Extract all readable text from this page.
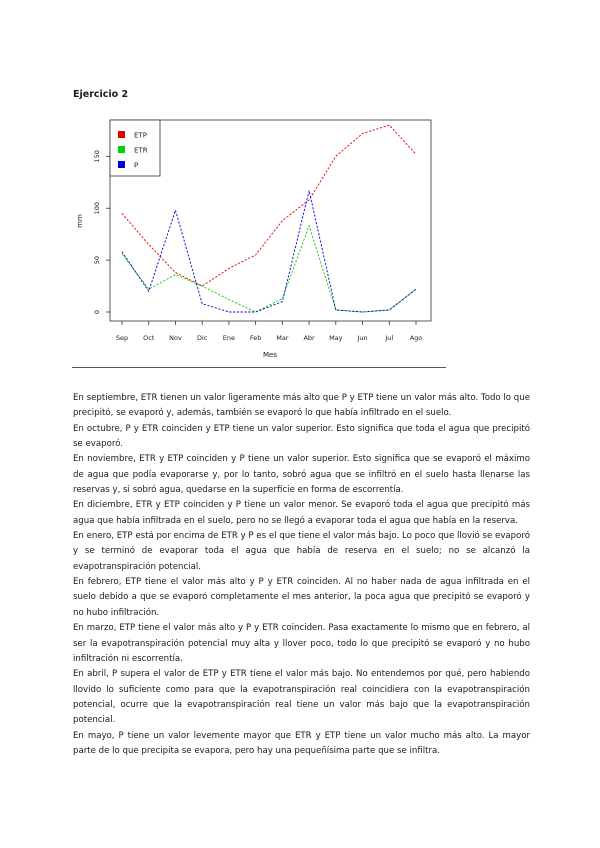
Ejercicio 2
0
50
100
150
Sep Oct Nov Dic Ene Feb Mar Abr May Jun	Jul	Ago
ETP
ETR
P
Mes
mm

En septiembre, ETR tienen un valor ligeramente más alto que P y ETP tiene un valor más alto. Todo lo que precipitó, se evaporó y, además, también se evaporó lo que había infiltrado en el suelo.

En octubre, P y ETR coinciden y ETP tiene un valor superior. Esto significa que toda el agua que precipitó se evaporó.

En noviembre, ETR y ETP coinciden y P tiene un valor superior. Esto significa que se evaporó el máximo de agua que podía evaporarse y, por lo tanto, sobró agua que se infiltró en el suelo hasta llenarse las reservas y, si sobró agua, quedarse en la superficie en forma de escorrentía.

En diciembre, ETR y ETP coinciden y P tiene un valor menor. Se evaporó toda el agua que precipitó más agua que había infiltrada en el suelo, pero no se llegó a evaporar toda el agua que había en la reserva.

En enero, ETP está por encima de ETR y P es el que tiene el valor más bajo. Lo poco que llovió se evaporó y se terminó de evaporar toda el agua que había de reserva en el suelo; no se alcanzó la evapotranspiración potencial.

En febrero, ETP tiene el valor más alto y P y ETR coinciden. Al no haber nada de agua infiltrada en el suelo debido a que se evaporó completamente el mes anterior, la poca agua que precipitó se evaporó y no hubo infiltración.

En marzo, ETP tiene el valor más alto y P y ETR coinciden. Pasa exactamente lo mismo que en febrero, al ser la evapotranspiración potencial muy alta y llover poco, todo lo que precipitó se evaporó y no hubo infiltración ni escorrentía.

En abril, P supera el valor de ETP y ETR tiene el valor más bajo. No entendemos por qué, pero habiendo llovido lo suficiente como para que la evapotranspiración real coincidiera con la evapotranspiración potencial, ocurre que la evapotranspiración real tiene un valor más bajo que la evapotranspiración potencial.

En mayo, P tiene un valor levemente mayor que ETR y ETP tiene un valor mucho más alto. La mayor parte de lo que precipita se evapora, pero hay una pequeñísima parte que se infiltra.
